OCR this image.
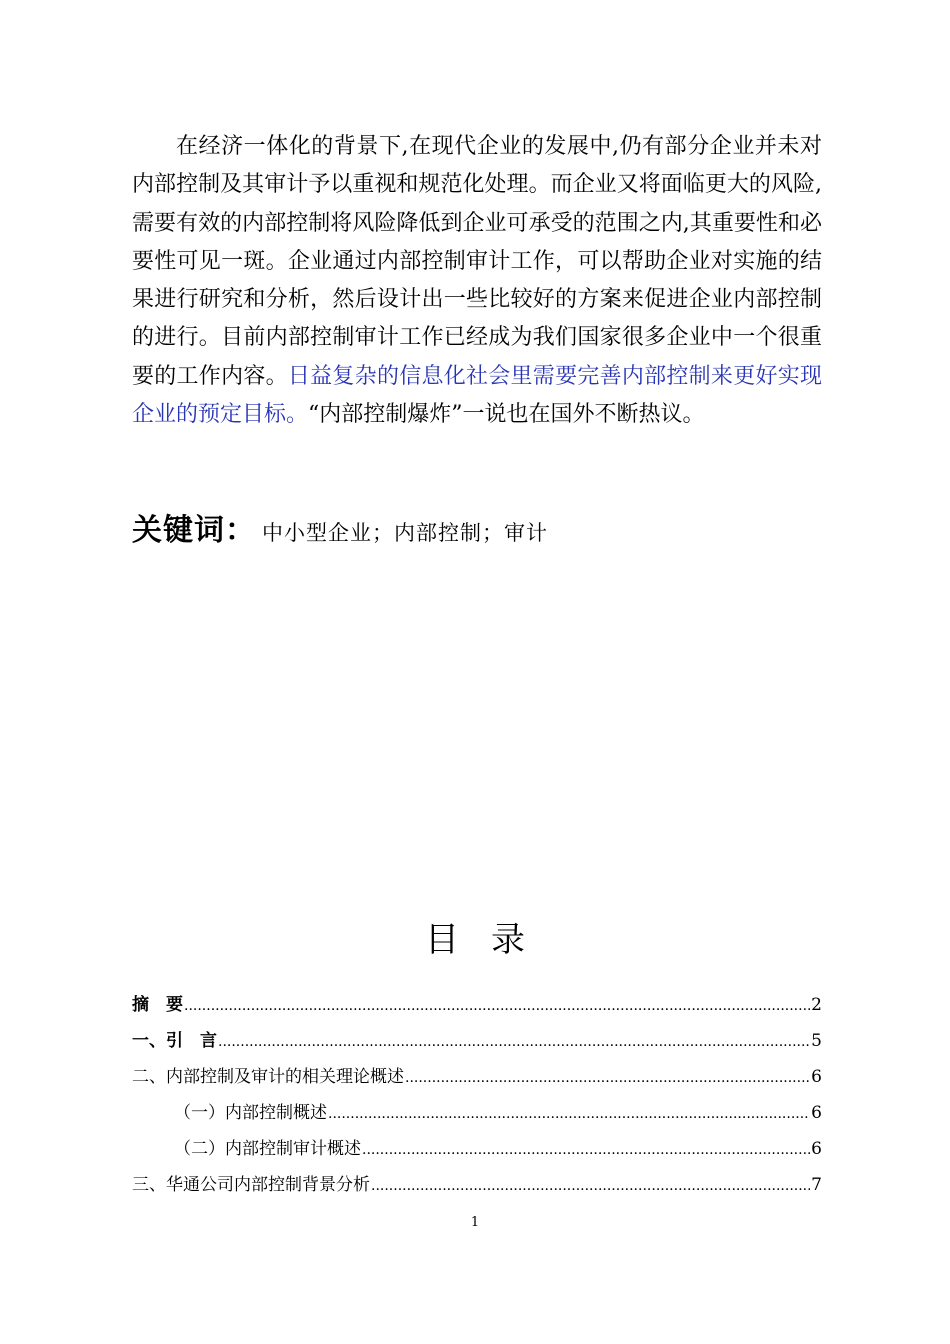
在经济一体化的背景下,在现代企业的发展中,仍有部分企业并未对内部控制及其审计予以重视和规范化处理。而企业又将面临更大的风险,需要有效的内部控制将风险降低到企业可承受的范围之内,其重要性和必要性可见一斑。企业通过内部控制审计工作，可以帮助企业对实施的结果进行研究和分析，然后设计出一些比较好的方案来促进企业内部控制的进行。目前内部控制审计工作已经成为我们国家很多企业中一个很重要的工作内容。日益复杂的信息化社会里需要完善内部控制来更好实现企业的预定目标。“内部控制爆炸”一说也在国外不断热议。

关键词： 中小型企业；内部控制；审计
目录
摘　要 .....	2
一、引　言 .....	5
二、内部控制及审计的相关理论概述 .....	6
（一）内部控制概述 .....	6
（二）内部控制审计概述 .....	6
三、华通公司内部控制背景分析 .....	7
1
